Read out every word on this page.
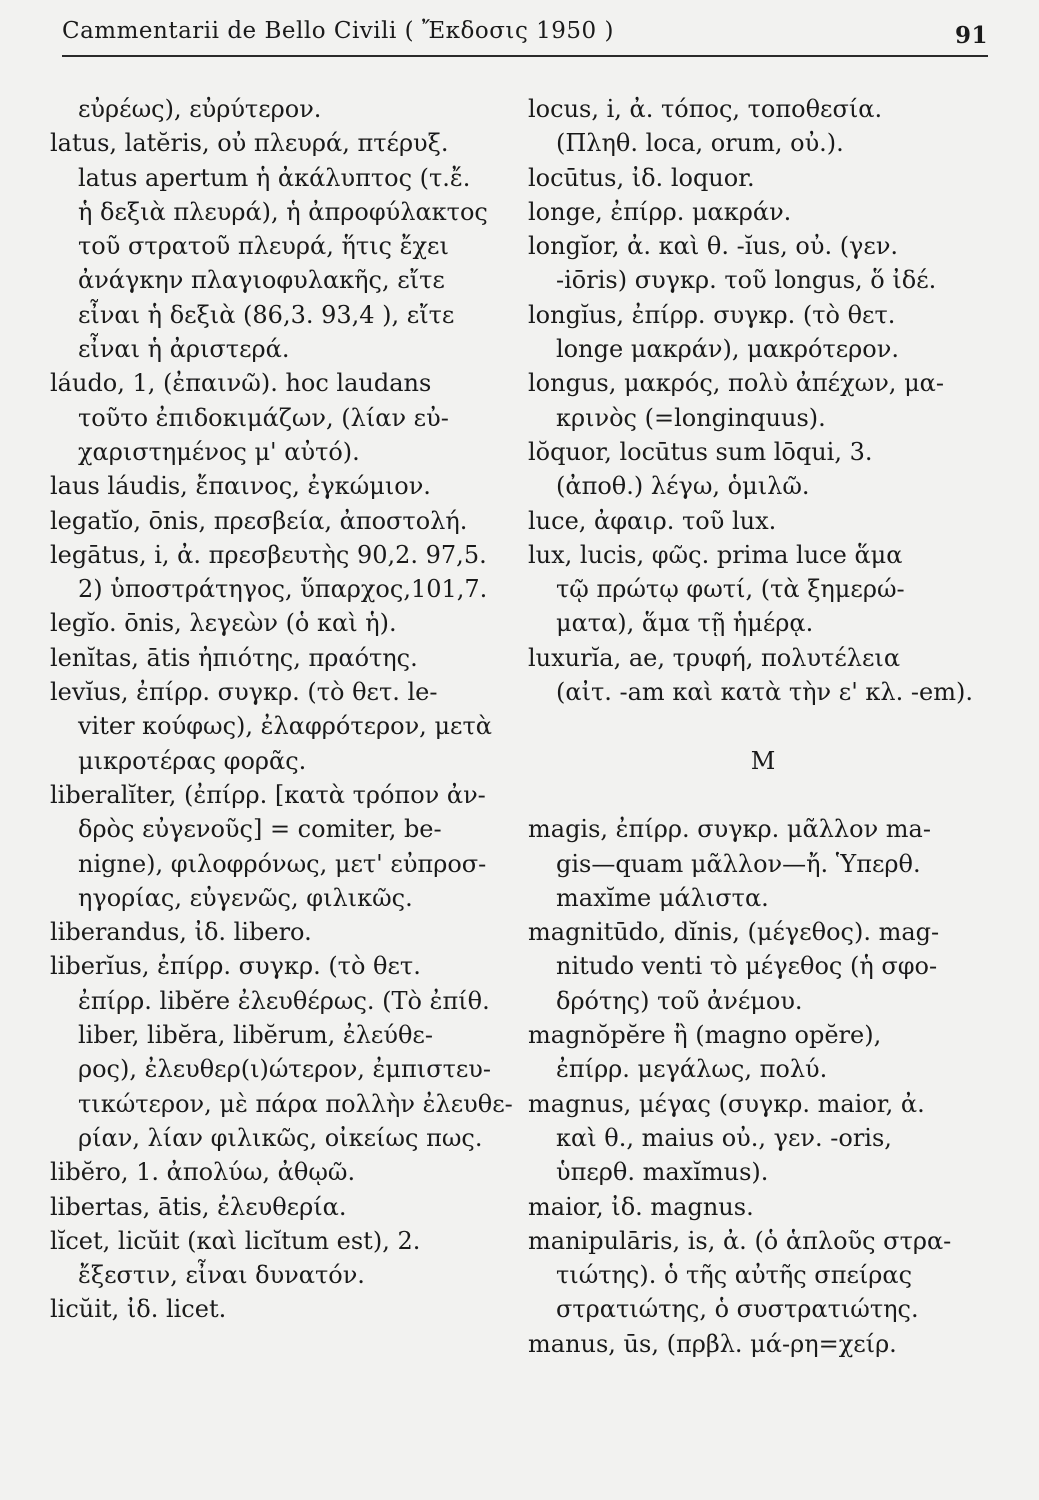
Cammentarii de Bello Civili ( Ἔκδοσις 1950 )	91
εὐρέως), εὐρύτερον.
latus, latĕris, οὐ πλευρά, πτέρυξ.
latus apertum ἡ ἀκάλυπτος (τ.ἔ.
ἡ δεξιὰ πλευρά), ἡ ἀπροφύλακτος
τοῦ στρατοῦ πλευρά, ἥτις ἔχει
ἀνάγκην πλαγιοφυλακῆς, εἴτε
εἶναι ἡ δεξιὰ (86,3. 93,4 ), εἴτε
εἶναι ἡ ἀριστερά.
láudo, 1, (ἐπαινῶ). hoc laudans
τοῦτο ἐπιδοκιμάζων, (λίαν εὐ-
χαριστημένος μ' αὐτό).
laus láudis, ἔπαινος, ἐγκώμιον.
legatĭo, ōnis, πρεσβεία, ἀποστολή.
legātus, i, ἀ. πρεσβευτὴς 90,2. 97,5.
2) ὑποστράτηγος, ὕπαρχος,101,7.
legĭo. ōnis, λεγεὼν (ὁ καὶ ἡ).
lenĭtas, ātis ἠπιότης, πραότης.
levĭus, ἐπίρρ. συγκρ. (τὸ θετ. le-
viter κούφως), ἐλαφρότερον, μετὰ
μικροτέρας φορᾶς.
liberalĭter, (ἐπίρρ. [κατὰ τρόπον ἀν-
δρὸς εὐγενοῦς] = comiter, be-
nigne), φιλοφρόνως, μετ' εὐπροσ-
ηγορίας, εὐγενῶς, φιλικῶς.
liberandus, ἰδ. libero.
liberĭus, ἐπίρρ. συγκρ. (τὸ θετ.
ἐπίρρ. libĕre ἐλευθέρως. (Τὸ ἐπίθ.
liber, libĕra, libĕrum, ἐλεύθε-
ρος), ἐλευθερ(ι)ώτερον, ἐμπιστευ-
τικώτερον, μὲ πάρα πολλὴν ἐλευθε-
ρίαν, λίαν φιλικῶς, οἰκείως πως.
libĕro, 1. ἀπολύω, ἀθῳῶ.
libertas, ātis, ἐλευθερία.
lĭcet, licŭit (καὶ licĭtum est), 2.
ἔξεστιν, εἶναι δυνατόν.
licŭit, ἰδ. licet.
locus, i, ἀ. τόπος, τοποθεσία.
(Πληθ. loca, orum, οὐ.).
locūtus, ἰδ. loquor.
longe, ἐπίρρ. μακράν.
longĭor, ἀ. καὶ θ. -ĭus, οὐ. (γεν.
-iōris) συγκρ. τοῦ longus, ὅ ἰδέ.
longĭus, ἐπίρρ. συγκρ. (τὸ θετ.
longe μακράν), μακρότερον.
longus, μακρός, πολὺ ἀπέχων, μα-
κρινὸς (=longinquus).
lŏquor, locūtus sum lōqui, 3.
(ἀποθ.) λέγω, ὁμιλῶ.
luce, ἀφαιρ. τοῦ lux.
lux, lucis, φῶς. prima luce ἅμα
τῷ πρώτῳ φωτί, (τὰ ξημερώ-
ματα), ἅμα τῇ ἡμέρᾳ.
luxurĭa, ae, τρυφή, πολυτέλεια
(αἰτ. -am καὶ κατὰ τὴν ε' κλ. -em).
M
magis, ἐπίρρ. συγκρ. μᾶλλον ma-
gis—quam μᾶλλον—ἤ. Ὑπερθ.
maxĭme μάλιστα.
magnitūdo, dĭnis, (μέγεθος). mag-
nitudo venti τὸ μέγεθος (ἡ σφο-
δρότης) τοῦ ἀνέμου.
magnŏpĕre ἢ (magno opĕre),
ἐπίρρ. μεγάλως, πολύ.
magnus, μέγας (συγκρ. maior, ἀ.
καὶ θ., maius οὐ., γεν. -oris,
ὑπερθ. maxĭmus).
maior, ἰδ. magnus.
manipulāris, is, ἀ. (ὁ ἁπλοῦς στρα-
τιώτης). ὁ τῆς αὐτῆς σπείρας
στρατιώτης, ὁ συστρατιώτης.
manus, ūs, (πρβλ. μά-ρη=χείρ.
